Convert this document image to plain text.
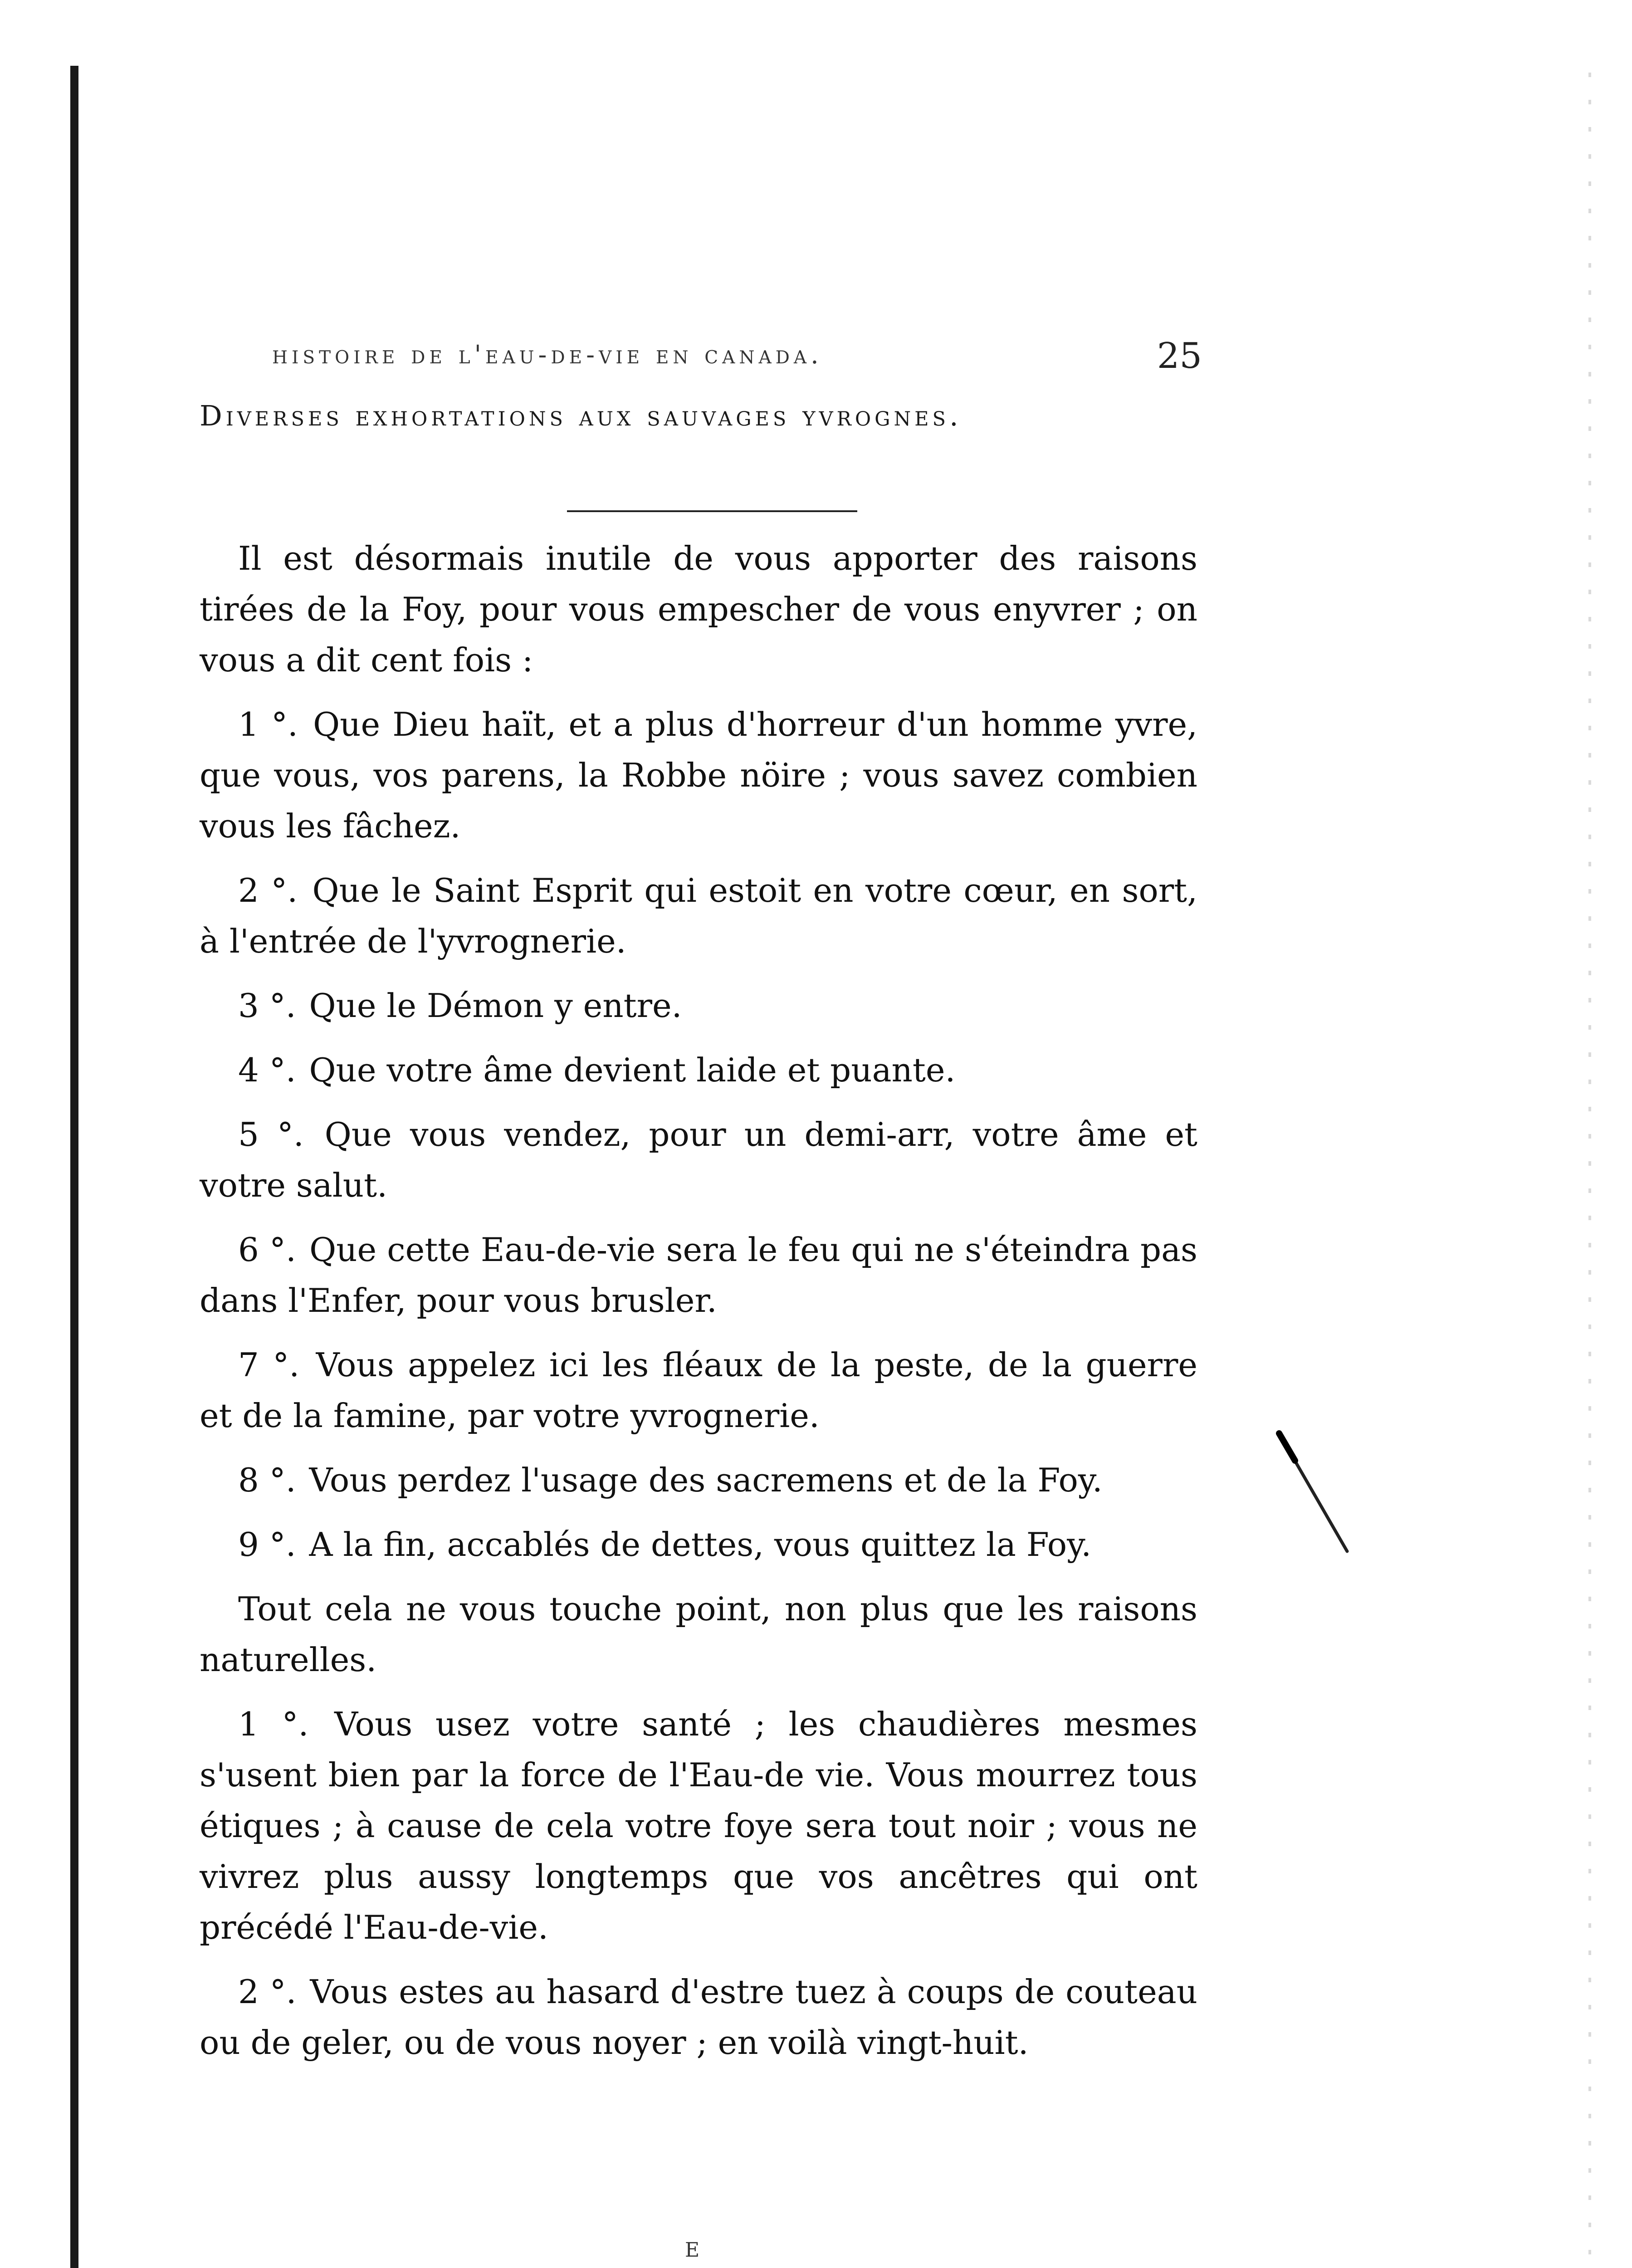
histoire de l'eau-de-vie en canada.	25
Diverses exhortations aux sauvages yvrognes.

Il est désormais inutile de vous apporter des raisons tirées de la Foy, pour vous empescher de vous enyvrer ; on vous a dit cent fois :

1 °. Que Dieu haït, et a plus d'horreur d'un homme yvre, que vous, vos parens, la Robbe nöire ; vous savez combien vous les fâchez.

2 °. Que le Saint Esprit qui estoit en votre cœur, en sort, à l'entrée de l'yvrognerie.

3 °. Que le Démon y entre.

4 °. Que votre âme devient laide et puante.

5 °. Que vous vendez, pour un demi-arr, votre âme et votre salut.

6 °. Que cette Eau-de-vie sera le feu qui ne s'éteindra pas dans l'Enfer, pour vous brusler.

7 °. Vous appelez ici les fléaux de la peste, de la guerre et de la famine, par votre yvrognerie.

8 °. Vous perdez l'usage des sacremens et de la Foy.

9 °. A la fin, accablés de dettes, vous quittez la Foy.

Tout cela ne vous touche point, non plus que les raisons naturelles.

1 °. Vous usez votre santé ; les chaudières mesmes s'usent bien par la force de l'Eau-de vie. Vous mourrez tous étiques ; à cause de cela votre foye sera tout noir ; vous ne vivrez plus aussy longtemps que vos ancêtres qui ont précédé l'Eau-de-vie.

2 °. Vous estes au hasard d'estre tuez à coups de couteau ou de geler, ou de vous noyer ; en voilà vingt-huit.

E
